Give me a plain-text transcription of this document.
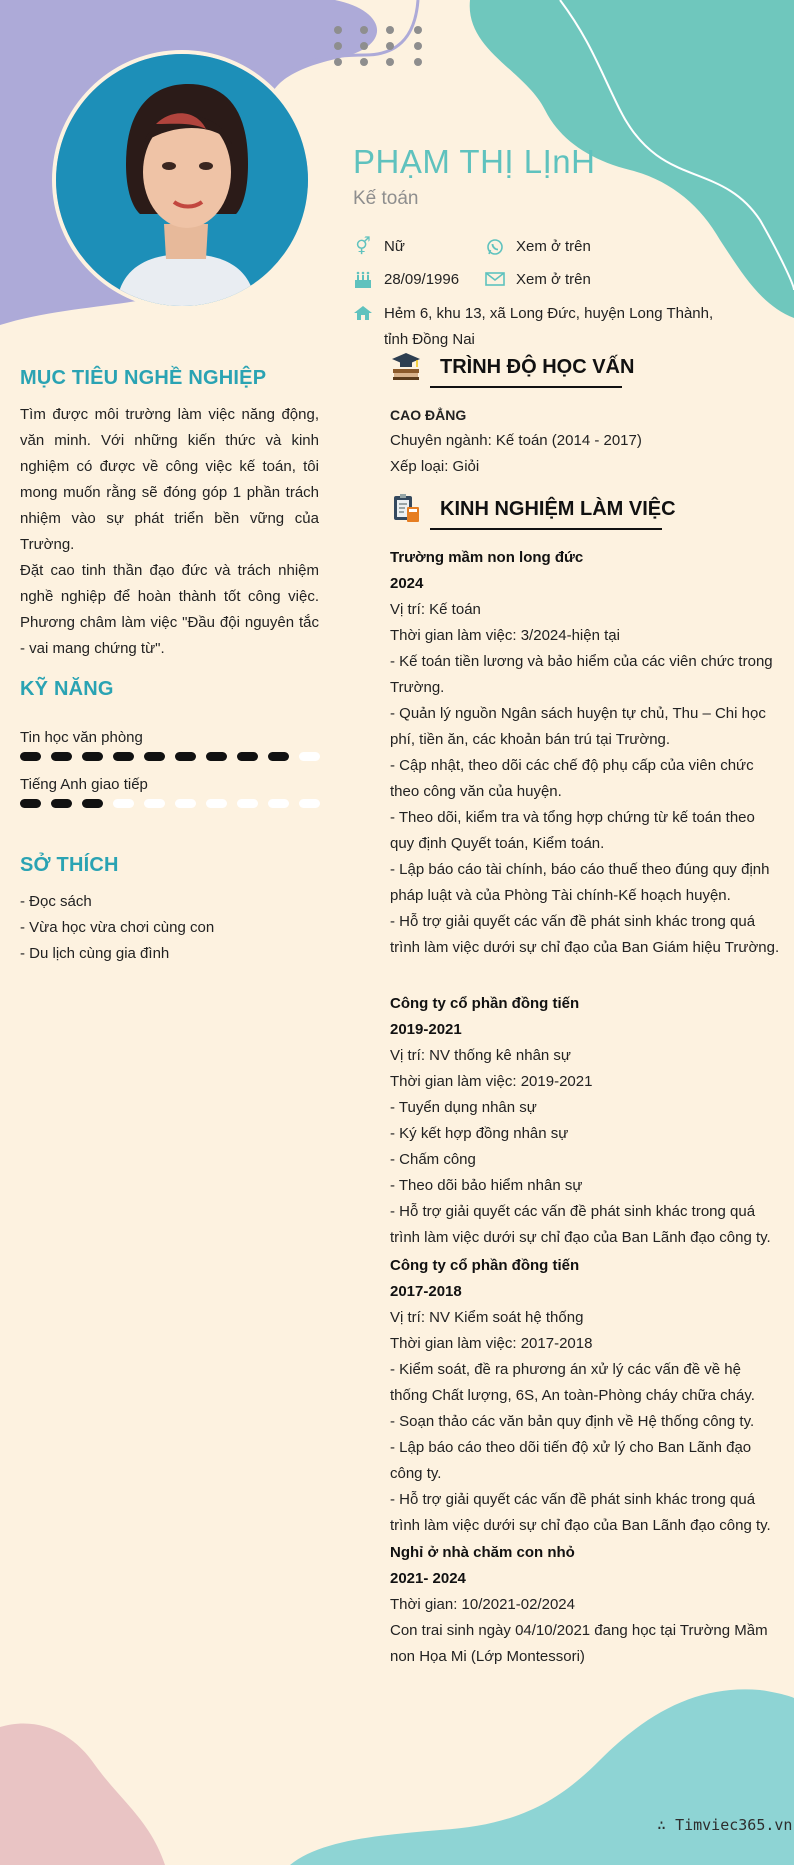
PHẠM THỊ LỊnH
Kế toán
⚥ Nữ	Xem ở trên
28/09/1996	Xem ở trên
Hẻm 6, khu 13, xã Long Đức, huyện Long Thành, tỉnh Đồng Nai
MỤC TIÊU NGHỀ NGHIỆP
Tìm được môi trường làm việc năng động, văn minh. Với những kiến thức và kinh nghiệm có được về công việc kế toán, tôi mong muốn rằng sẽ đóng góp 1 phần trách nhiệm vào sự phát triển bền vững của Trường.
Đặt cao tinh thần đạo đức và trách nhiệm nghề nghiệp để hoàn thành tốt công việc. Phương châm làm việc "Đầu đội nguyên tắc - vai mang chứng từ".
KỸ NĂNG
Tin học văn phòng
Tiếng Anh giao tiếp
SỞ THÍCH
- Đọc sách
- Vừa học vừa chơi cùng con
- Du lịch cùng gia đình
TRÌNH ĐỘ HỌC VẤN
CAO ĐẲNG
Chuyên ngành: Kế toán (2014 - 2017)
Xếp loại: Giỏi
KINH NGHIỆM LÀM VIỆC
Trường mầm non long đức
2024
Vị trí: Kế toán
Thời gian làm việc: 3/2024-hiện tại
- Kế toán tiền lương và bảo hiểm của các viên chức trong Trường.
- Quản lý nguồn Ngân sách huyện tự chủ, Thu – Chi học phí, tiền ăn, các khoản bán trú tại Trường.
- Cập nhật, theo dõi các chế độ phụ cấp của viên chức theo công văn của huyện.
- Theo dõi, kiểm tra và tổng hợp chứng từ kế toán theo quy định Quyết toán, Kiểm toán.
- Lập báo cáo tài chính, báo cáo thuế theo đúng quy định pháp luật và của Phòng Tài chính-Kế hoạch huyện.
- Hỗ trợ giải quyết các vấn đề phát sinh khác trong quá trình làm việc dưới sự chỉ đạo của Ban Giám hiệu Trường.
Công ty cổ phần đồng tiến
2019-2021
Vị trí: NV thống kê nhân sự
Thời gian làm việc: 2019-2021
- Tuyển dụng nhân sự
- Ký kết hợp đồng nhân sự
- Chấm công
- Theo dõi bảo hiểm nhân sự
- Hỗ trợ giải quyết các vấn đề phát sinh khác trong quá trình làm việc dưới sự chỉ đạo của Ban Lãnh đạo công ty.
Công ty cổ phần đồng tiến
2017-2018
Vị trí: NV Kiểm soát hệ thống
Thời gian làm việc: 2017-2018
- Kiểm soát, đề ra phương án xử lý các vấn đề về hệ thống Chất lượng, 6S, An toàn-Phòng cháy chữa cháy.
- Soạn thảo các văn bản quy định về Hệ thống công ty.
- Lập báo cáo theo dõi tiến độ xử lý cho Ban Lãnh đạo công ty.
- Hỗ trợ giải quyết các vấn đề phát sinh khác trong quá trình làm việc dưới sự chỉ đạo của Ban Lãnh đạo công ty.
Nghỉ ở nhà chăm con nhỏ
2021- 2024
Thời gian: 10/2021-02/2024
Con trai sinh ngày 04/10/2021 đang học tại Trường Mầm non Họa Mi (Lớp Montessori)
∴ Timviec365.vn
